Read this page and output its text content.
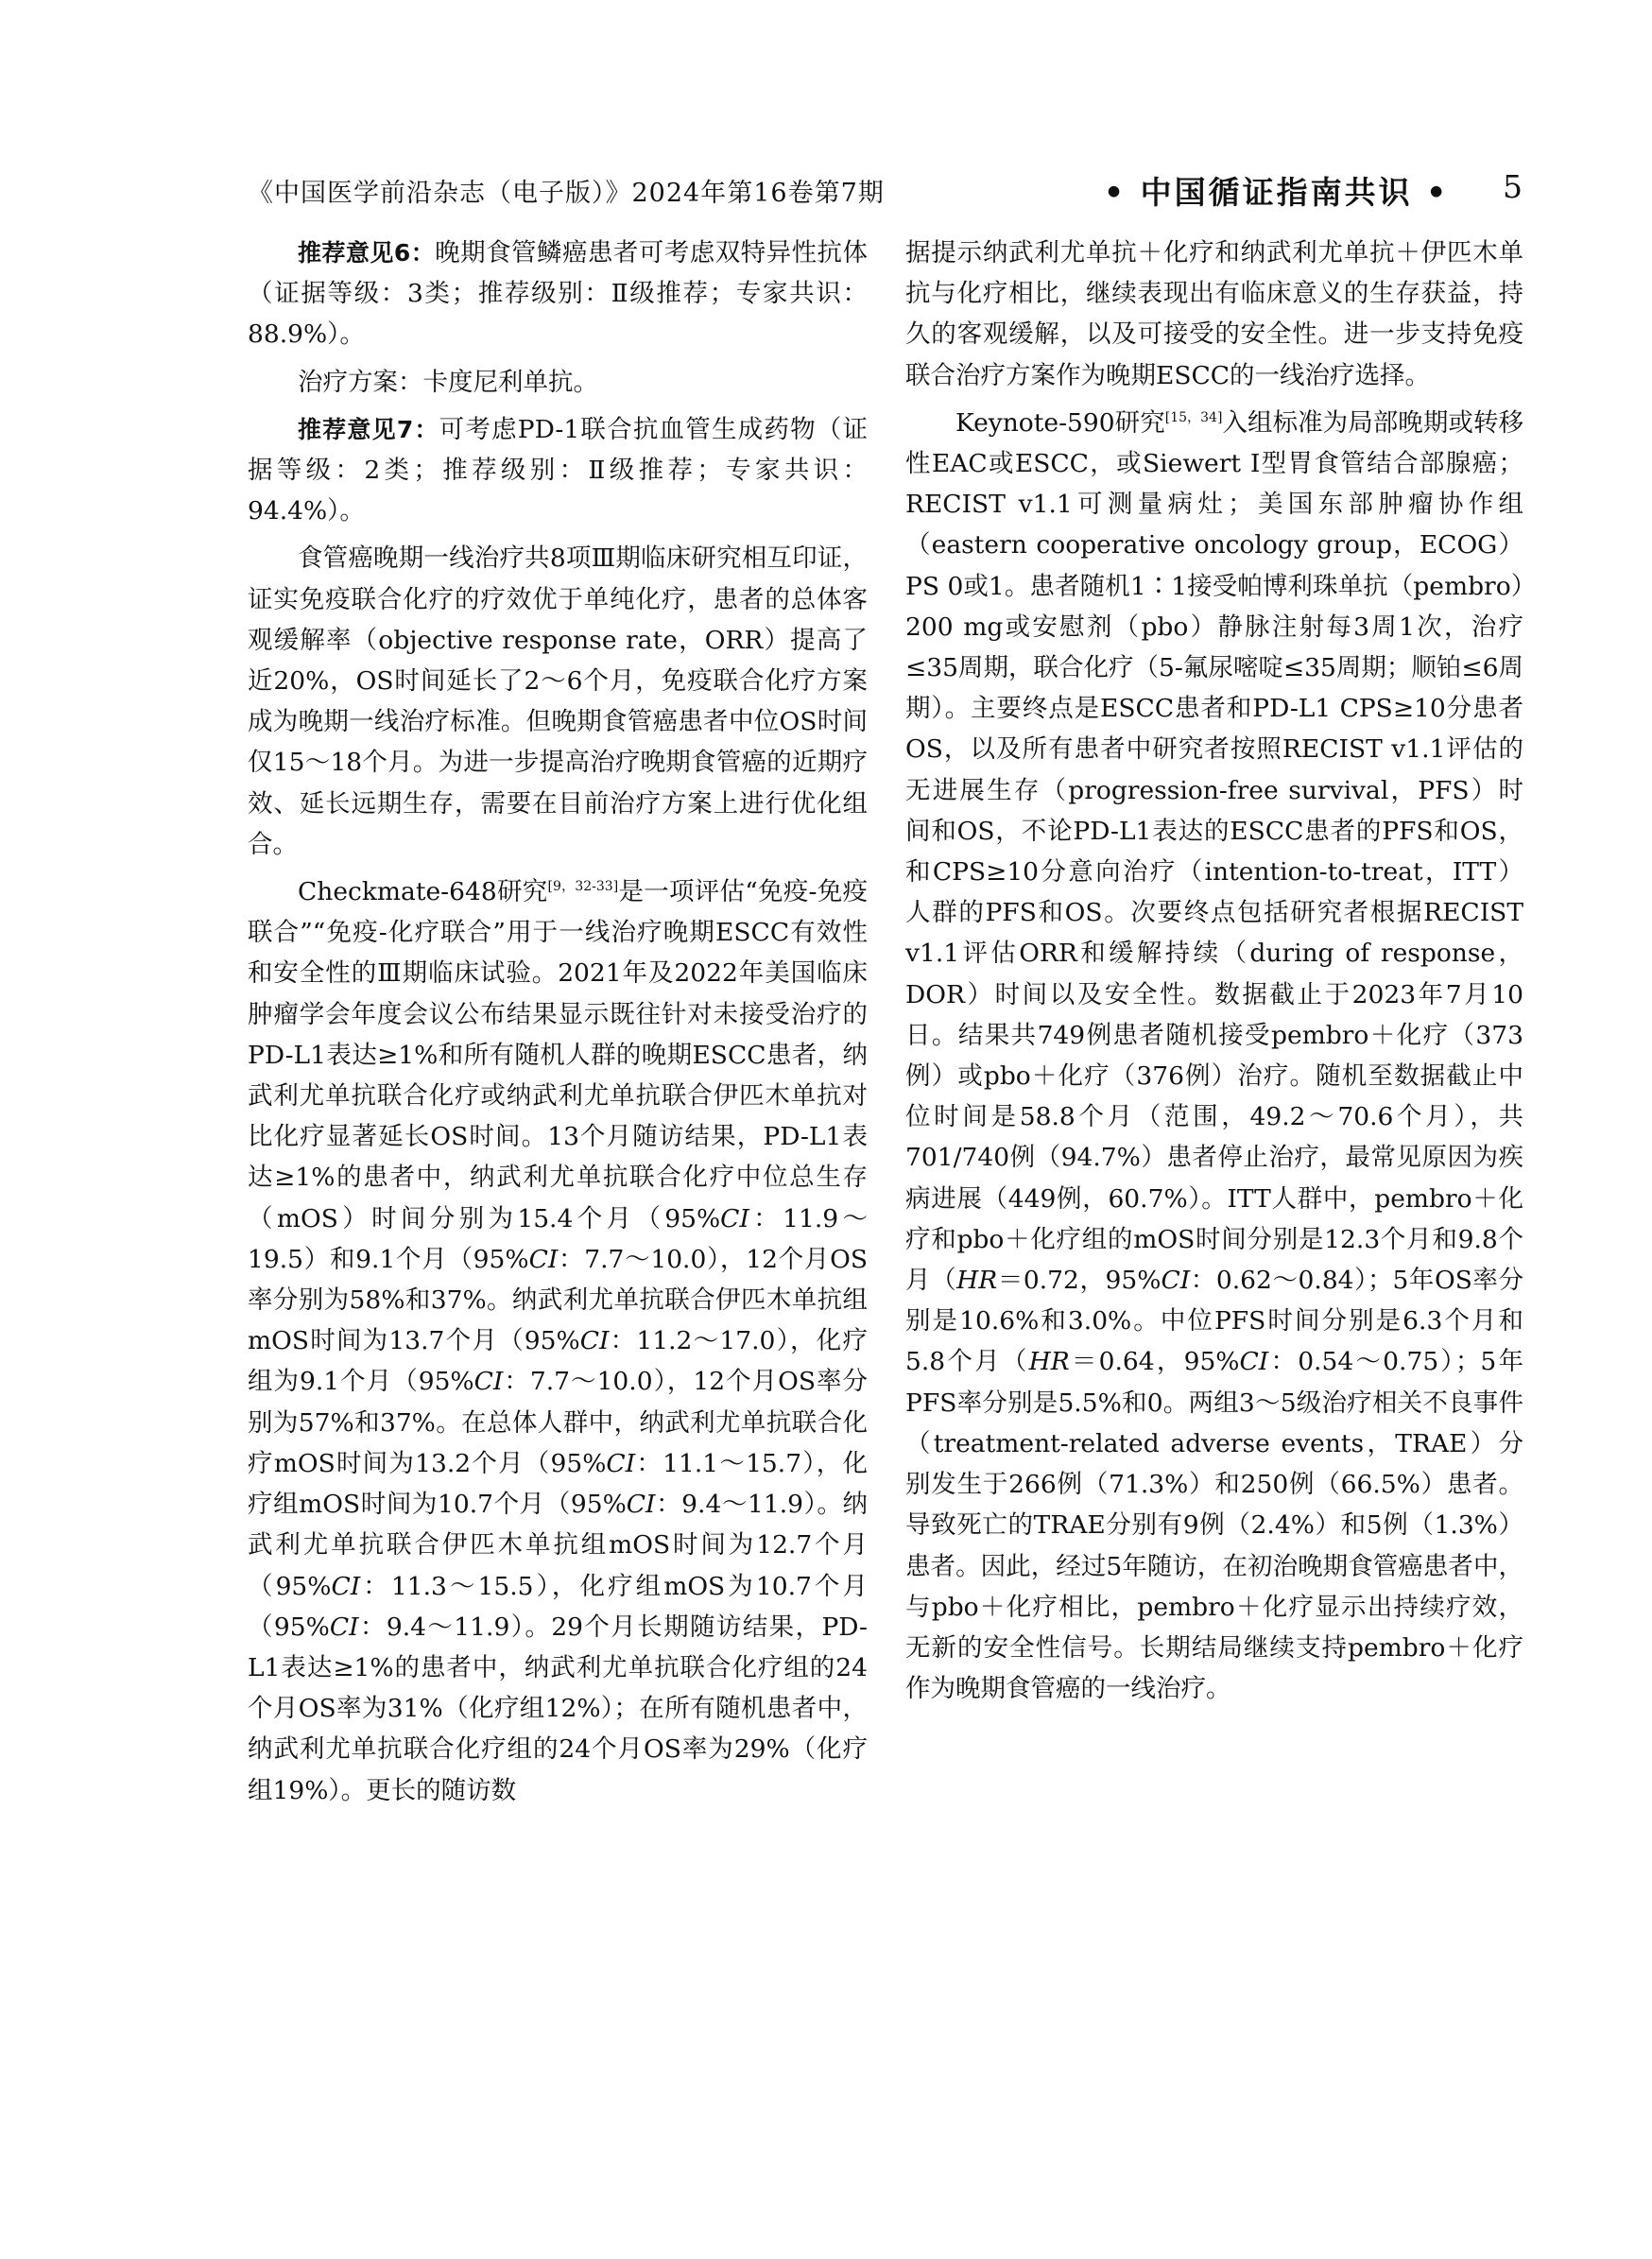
《中国医学前沿杂志（电子版）》2024年第16卷第7期	• 中国循证指南共识 • 5

推荐意见6：晚期食管鳞癌患者可考虑双特异性抗体（证据等级：3类；推荐级别：Ⅱ级推荐；专家共识：88.9%）。

治疗方案：卡度尼利单抗。

推荐意见7：可考虑PD-1联合抗血管生成药物（证据等级：2类；推荐级别：Ⅱ级推荐；专家共识：94.4%）。

食管癌晚期一线治疗共8项Ⅲ期临床研究相互印证，证实免疫联合化疗的疗效优于单纯化疗，患者的总体客观缓解率（objective response rate，ORR）提高了近20%，OS时间延长了2～6个月，免疫联合化疗方案成为晚期一线治疗标准。但晚期食管癌患者中位OS时间仅15～18个月。为进一步提高治疗晚期食管癌的近期疗效、延长远期生存，需要在目前治疗方案上进行优化组合。

Checkmate-648研究[9，32-33]是一项评估“免疫-免疫联合”“免疫-化疗联合”用于一线治疗晚期ESCC有效性和安全性的Ⅲ期临床试验。2021年及2022年美国临床肿瘤学会年度会议公布结果显示既往针对未接受治疗的PD-L1表达≥1%和所有随机人群的晚期ESCC患者，纳武利尤单抗联合化疗或纳武利尤单抗联合伊匹木单抗对比化疗显著延长OS时间。13个月随访结果，PD-L1表达≥1%的患者中，纳武利尤单抗联合化疗中位总生存（mOS）时间分别为15.4个月（95%CI：11.9～19.5）和9.1个月（95%CI：7.7～10.0），12个月OS率分别为58%和37%。纳武利尤单抗联合伊匹木单抗组mOS时间为13.7个月（95%CI：11.2～17.0），化疗组为9.1个月（95%CI：7.7～10.0），12个月OS率分别为57%和37%。在总体人群中，纳武利尤单抗联合化疗mOS时间为13.2个月（95%CI：11.1～15.7），化疗组mOS时间为10.7个月（95%CI：9.4～11.9）。纳武利尤单抗联合伊匹木单抗组mOS时间为12.7个月（95%CI：11.3～15.5），化疗组mOS为10.7个月（95%CI：9.4～11.9）。29个月长期随访结果，PD-L1表达≥1%的患者中，纳武利尤单抗联合化疗组的24个月OS率为31%（化疗组12%）；在所有随机患者中，纳武利尤单抗联合化疗组的24个月OS率为29%（化疗组19%）。更长的随访数

据提示纳武利尤单抗＋化疗和纳武利尤单抗＋伊匹木单抗与化疗相比，继续表现出有临床意义的生存获益，持久的客观缓解，以及可接受的安全性。进一步支持免疫联合治疗方案作为晚期ESCC的一线治疗选择。

Keynote-590研究[15，34]入组标准为局部晚期或转移性EAC或ESCC，或Siewert Ⅰ型胃食管结合部腺癌；RECIST v1.1可测量病灶；美国东部肿瘤协作组（eastern cooperative oncology group，ECOG）PS 0或1。患者随机1∶1接受帕博利珠单抗（pembro）200 mg或安慰剂（pbo）静脉注射每3周1次，治疗≤35周期，联合化疗（5-氟尿嘧啶≤35周期；顺铂≤6周期）。主要终点是ESCC患者和PD-L1 CPS≥10分患者OS，以及所有患者中研究者按照RECIST v1.1评估的无进展生存（progression-free survival，PFS）时间和OS，不论PD-L1表达的ESCC患者的PFS和OS，和CPS≥10分意向治疗（intention-to-treat，ITT）人群的PFS和OS。次要终点包括研究者根据RECIST v1.1评估ORR和缓解持续（during of response，DOR）时间以及安全性。数据截止于2023年7月10日。结果共749例患者随机接受pembro＋化疗（373例）或pbo＋化疗（376例）治疗。随机至数据截止中位时间是58.8个月（范围，49.2～70.6个月），共701/740例（94.7%）患者停止治疗，最常见原因为疾病进展（449例，60.7%）。ITT人群中，pembro＋化疗和pbo＋化疗组的mOS时间分别是12.3个月和9.8个月（HR＝0.72，95%CI：0.62～0.84）；5年OS率分别是10.6%和3.0%。中位PFS时间分别是6.3个月和5.8个月（HR＝0.64，95%CI：0.54～0.75）；5年PFS率分别是5.5%和0。两组3～5级治疗相关不良事件（treatment-related adverse events，TRAE）分别发生于266例（71.3%）和250例（66.5%）患者。导致死亡的TRAE分别有9例（2.4%）和5例（1.3%）患者。因此，经过5年随访，在初治晚期食管癌患者中，与pbo＋化疗相比，pembro＋化疗显示出持续疗效，无新的安全性信号。长期结局继续支持pembro＋化疗作为晚期食管癌的一线治疗。
